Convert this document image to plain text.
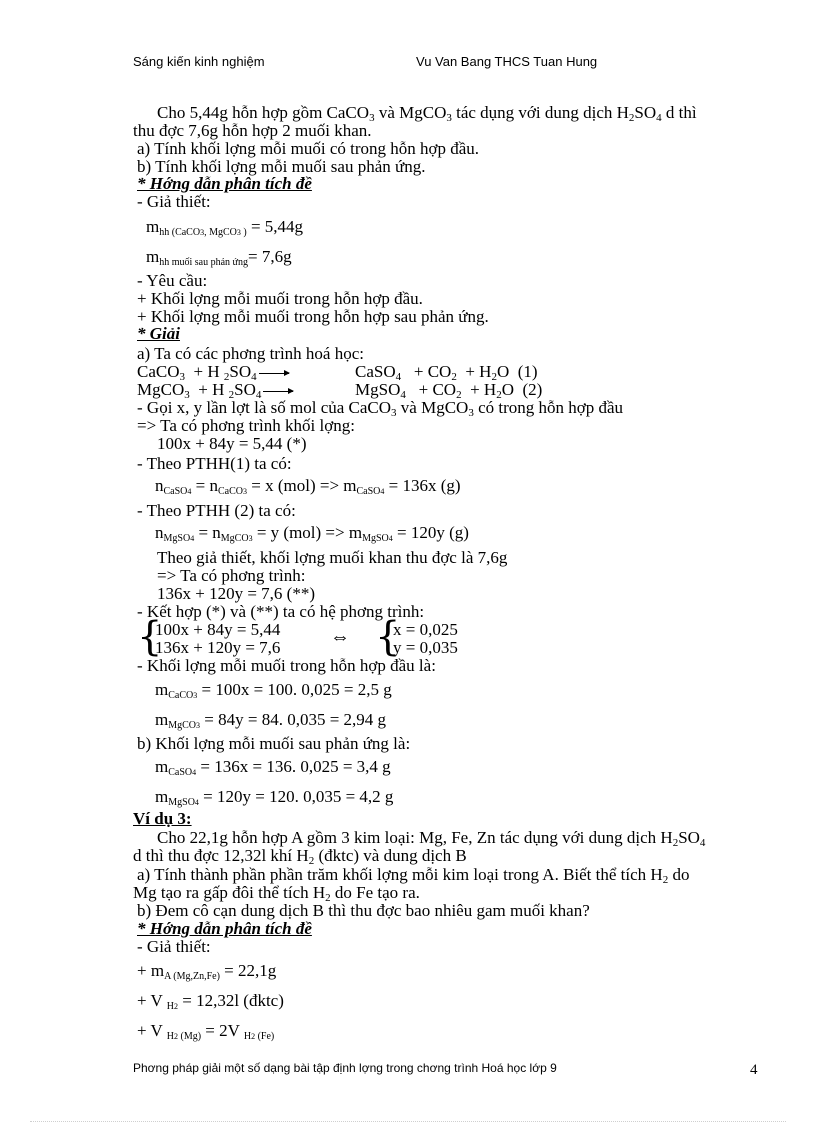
Sáng kiến kinh nghiệm	Vu Van Bang THCS Tuan Hung
Cho 5,44g hỗn hợp gồm CaCO$_3$ và MgCO$_3$ tác dụng với dung dịch $H_2SO_4$ d thì
thu đợc 7,6g hỗn hợp 2 muối khan.
a) Tính khối lợng mỗi muối có trong hỗn hợp đầu.
b) Tính khối lợng mỗi muối sau phản ứng.
* Hớng dẫn phân tích đề
- Giả thiết:
mhh (CaCO3, MgCO3 ) = 5,44g
mhh muối sau phản ứng= 7,6g
- Yêu cầu:
+ Khối lợng mỗi muối trong hỗn hợp đầu.
+ Khối lợng mỗi muối trong hỗn hợp sau phản ứng.
* Giải
a) Ta có các phơng trình hoá học:
CaCO$_3$ + H $_2SO_4$ →	CaSO$_4$ + $CO_2 + H_2O$ (1)
MgCO$_3$ + H $_2SO_4$ →	MgSO$_4$ + $CO_2 + H_2O$ (2)
- Gọi x, y lần lợt là số mol của CaCO$_3$ và MgCO$_3$ có trong hỗn hợp đầu
=> Ta có phơng trình khối lợng:
100x + 84y = 5,44 (*)
- Theo PTHH(1) ta có:
nCaSO4 = nCaCO3 = x (mol) => mCaSO4 = 136x (g)
- Theo PTHH (2) ta có:
nMgSO4 = nMgCO3 = y (mol) => mMgSO4 = 120y (g)
Theo giả thiết, khối lợng muối khan thu đợc là 7,6g
=> Ta có phơng trình:
136x + 120y = 7,6 (**)
- Kết hợp (*) và (**) ta có hệ phơng trình:
{
100x + 84y = 5,44
136x + 120y = 7,6 ⇔ {
x = 0,025
y = 0,035
- Khối lợng mỗi muối trong hỗn hợp đầu là:
mCaCO3 = 100x = 100. 0,025 = 2,5 g
mMgCO3 = 84y = 84. 0,035 = 2,94 g
b) Khối lợng mỗi muối sau phản ứng là:
mCaSO4 = 136x = 136. 0,025 = 3,4 g
mMgSO4 = 120y = 120. 0,035 = 4,2 g
Ví dụ 3:
Cho 22,1g hỗn hợp A gồm 3 kim loại: Mg, Fe, Zn tác dụng với dung dịch $H_2SO_4$
d thì thu đợc 12,32l khí $H_2$ (đktc) và dung dịch B
a) Tính thành phần phần trăm khối lợng mỗi kim loại trong A. Biết thể tích $H_2$ do
Mg tạo ra gấp đôi thể tích $H_2$ do Fe tạo ra.
b) Đem cô cạn dung dịch B thì thu đợc bao nhiêu gam muối khan?
* Hớng dẫn phân tích đề
- Giả thiết:
+ mA (Mg,Zn,Fe) = 22,1g
+ V H2 = 12,32l (đktc)
+ V H2 (Mg) = 2V H2 (Fe)
Phơng pháp giải một số dạng bài tập định lợng trong chơng trình Hoá học lớp 9	4
